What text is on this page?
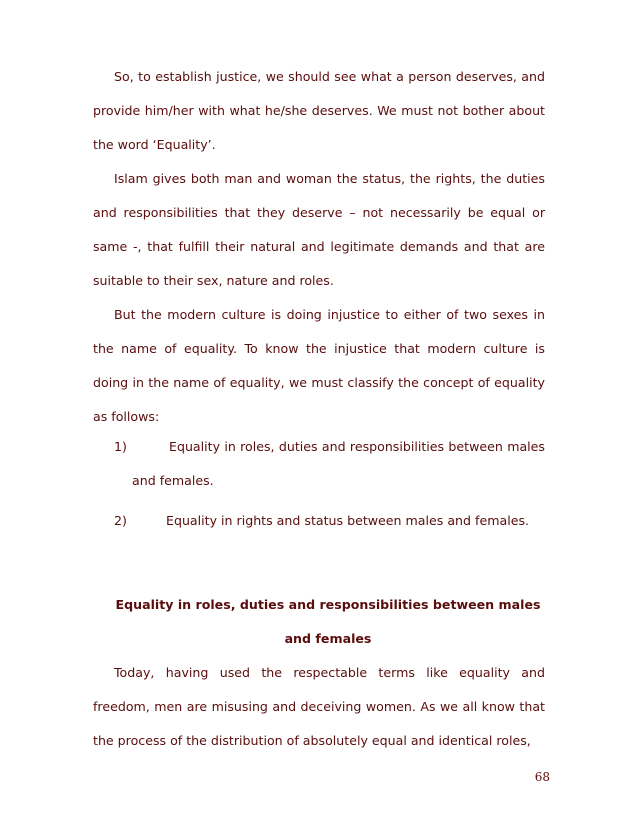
So, to establish justice, we should see what a person deserves, and provide him/her with what he/she deserves. We must not bother about the word ‘Equality’.

Islam gives both man and woman the status, the rights, the duties and responsibilities that they deserve – not necessarily be equal or same -, that fulfill their natural and legitimate demands and that are suitable to their sex, nature and roles.

But the modern culture is doing injustice to either of two sexes in the name of equality. To know the injustice that modern culture is doing in the name of equality, we must classify the concept of equality as follows:

1)	Equality in roles, duties and responsibilities between males
and females.
2)	Equality in rights and status between males and females.
Equality in roles, duties and responsibilities between males
and females

Today, having used the respectable terms like equality and freedom, men are misusing and deceiving women. As we all know that the process of the distribution of absolutely equal and identical roles,

68
